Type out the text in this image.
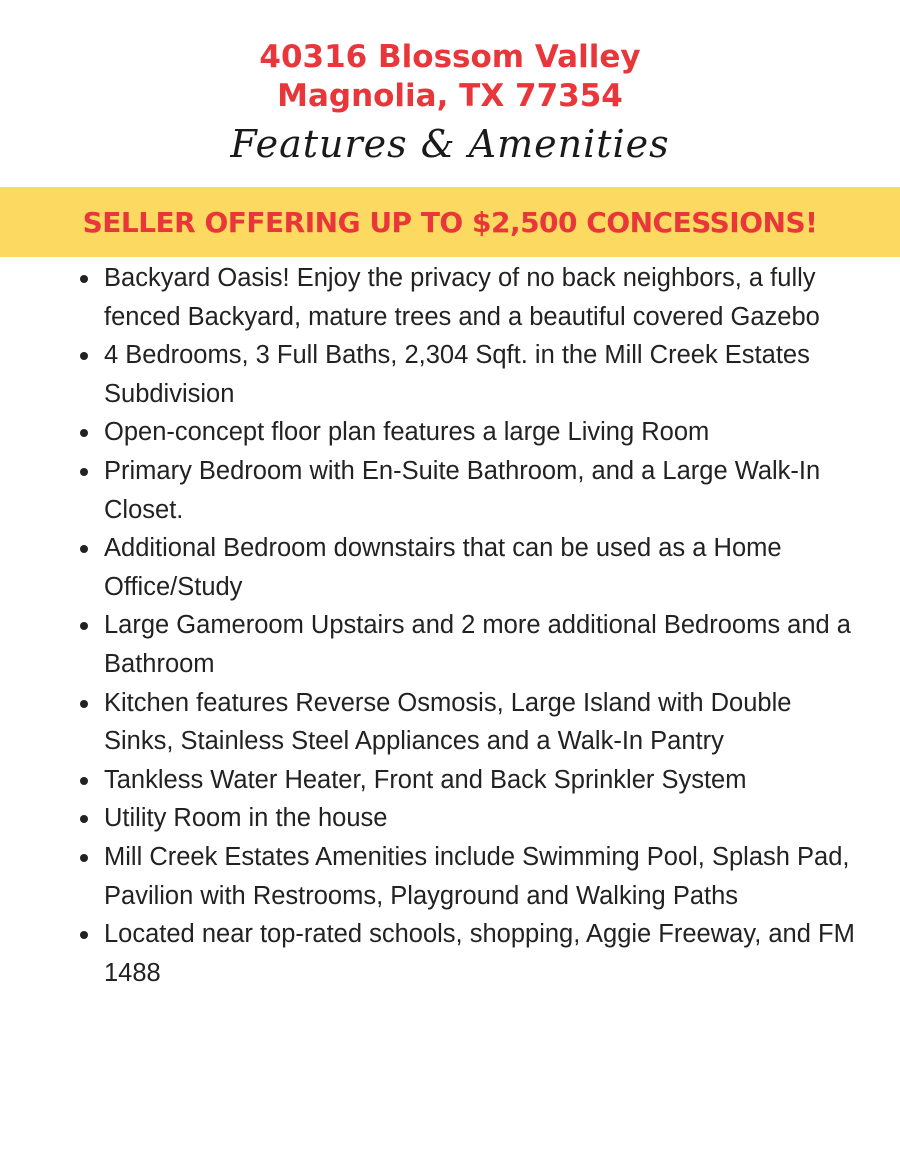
40316 Blossom Valley
Magnolia, TX 77354
Features & Amenities
SELLER OFFERING UP TO $2,500 CONCESSIONS!
Backyard Oasis! Enjoy the privacy of no back neighbors, a fully fenced Backyard, mature trees and a beautiful covered Gazebo
4 Bedrooms, 3 Full Baths, 2,304 Sqft. in the Mill Creek Estates Subdivision
Open-concept floor plan features a large Living Room
Primary Bedroom with En-Suite Bathroom, and a Large Walk-In Closet.
Additional Bedroom downstairs that can be used as a Home Office/Study
Large Gameroom Upstairs and 2 more additional Bedrooms and a Bathroom
Kitchen features Reverse Osmosis, Large Island with Double Sinks, Stainless Steel Appliances and a Walk-In Pantry
Tankless Water Heater, Front and Back Sprinkler System
Utility Room in the house
Mill Creek Estates Amenities include Swimming Pool, Splash Pad, Pavilion with Restrooms, Playground and Walking Paths
Located near top-rated schools, shopping, Aggie Freeway, and FM 1488
